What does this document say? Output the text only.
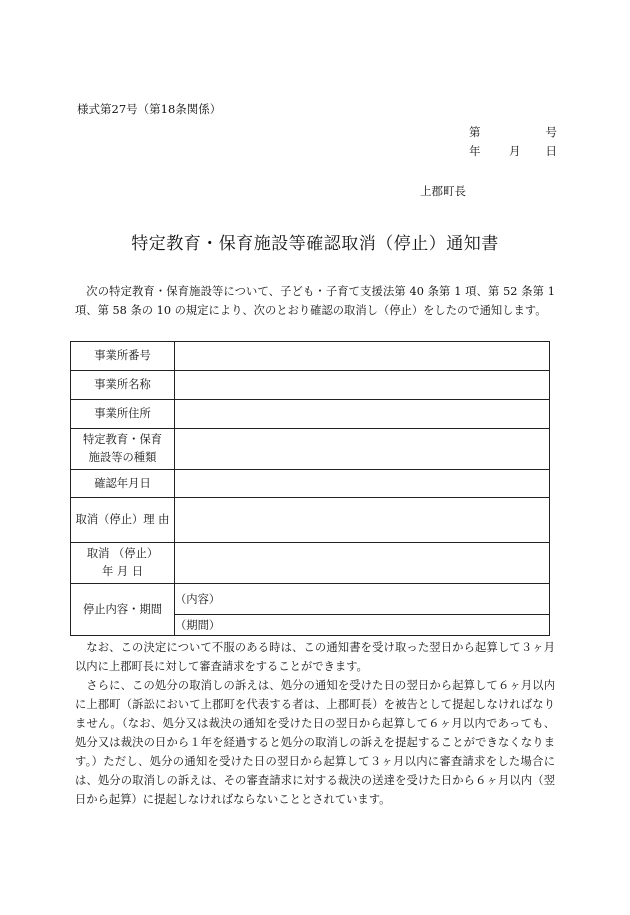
様式第27号（第18条関係）
第	号
年 月 日
上郡町長
特定教育・保育施設等確認取消（停止）通知書
次の特定教育・保育施設等について、子ども・子育て支援法第 40 条第 1 項、第 52 条第 1 項、第 58 条の 10 の規定により、次のとおり確認の取消し（停止）をしたので通知します。
事業所番号	

事業所名称	

事業所住所	

特定教育・保育
施設等の種類	

確認年月日	

取消（停止）理 由	

取消 （停止）
年 月 日	

停止内容・期間	（内容）
	（期間）
なお、この決定について不服のある時は、この通知書を受け取った翌日から起算して３ヶ月以内に上郡町長に対して審査請求をすることができます。
さらに、この処分の取消しの訴えは、処分の通知を受けた日の翌日から起算して６ヶ月以内に上郡町（訴訟において上郡町を代表する者は、上郡町長）を被告として提起しなければなりません。（なお、処分又は裁決の通知を受けた日の翌日から起算して６ヶ月以内であっても、処分又は裁決の日から１年を経過すると処分の取消しの訴えを提起することができなくなります。）ただし、処分の通知を受けた日の翌日から起算して３ヶ月以内に審査請求をした場合には、処分の取消しの訴えは、その審査請求に対する裁決の送達を受けた日から６ヶ月以内（翌日から起算）に提起しなければならないこととされています。
